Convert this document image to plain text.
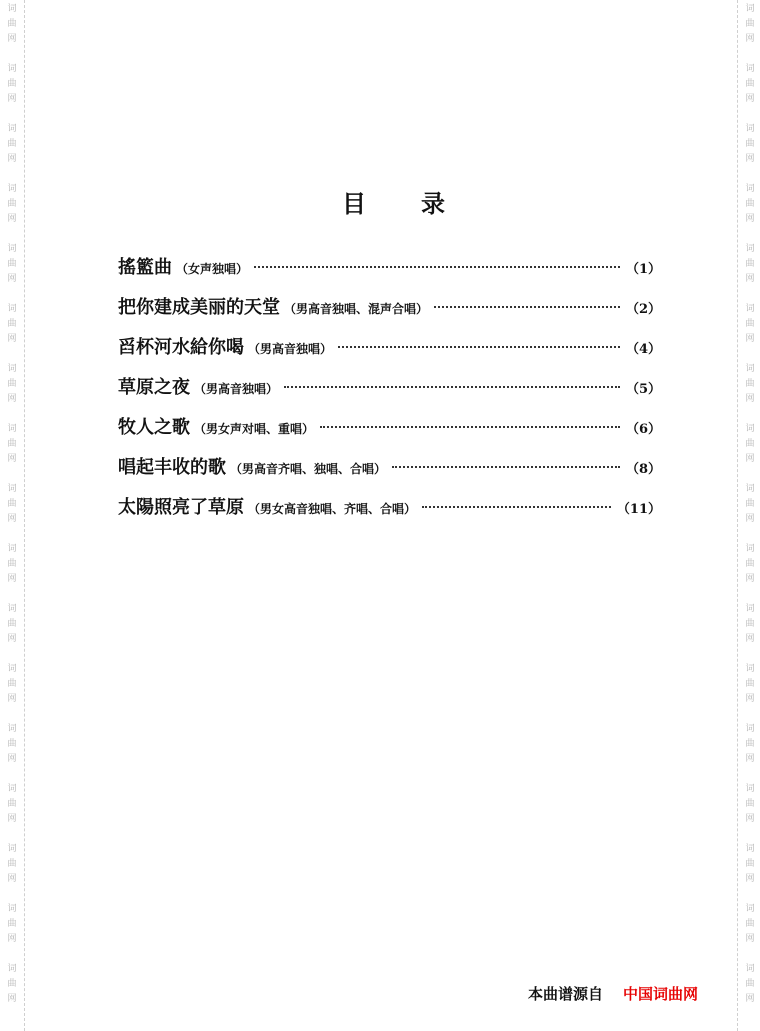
词
曲
网
词
曲
网
词
曲
网
词
曲
网
词
曲
网
词
曲
网
词
曲
网
词
曲
网
词
曲
网
词
曲
网
词
曲
网
词
曲
网
词
曲
网
词
曲
网
词
曲
网
词
曲
网
词
曲
网
词
曲
网
词
曲
网
词
曲
网
词
曲
网
词
曲
网
词
曲
网
词
曲
网
词
曲
网
词
曲
网
词
曲
网
词
曲
网
词
曲
网
词
曲
网
词
曲
网
词
曲
网
词
曲
网
词
曲
网
目 录
搖籃曲 （女声独唱）	（1）
把你建成美丽的天堂 （男高音独唱、混声合唱）	（2）
舀杯河水給你喝 （男高音独唱）	（4）
草原之夜 （男高音独唱）	（5）
牧人之歌 （男女声对唱、重唱）	（6）
唱起丰收的歌 （男高音齐唱、独唱、合唱）	（8）
太陽照亮了草原 （男女高音独唱、齐唱、合唱）	（11）
本曲谱源自 中国词曲网
